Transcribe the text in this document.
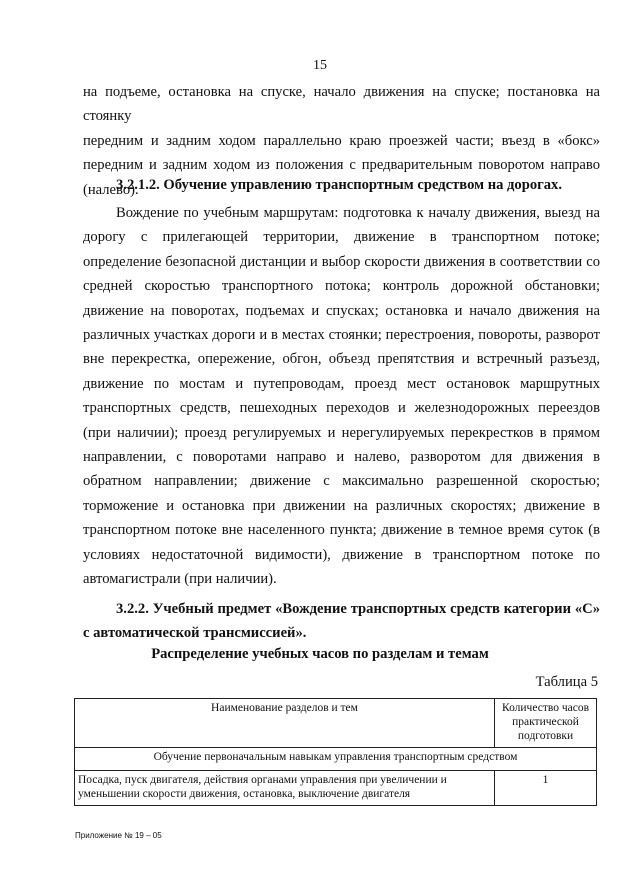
15

на подъеме, остановка на спуске, начало движения на спуске; постановка на стоянку
передним и задним ходом параллельно краю проезжей части; въезд в «бокс»
передним и задним ходом из положения с предварительным поворотом направо
(налево).

3.2.1.2. Обучение управлению транспортным средством на дорогах.

Вождение по учебным маршрутам: подготовка к началу движения, выезд на дорогу с прилегающей территории, движение в транспортном потоке; определение безопасной дистанции и выбор скорости движения в соответствии со средней скоростью транспортного потока; контроль дорожной обстановки; движение на поворотах, подъемах и спусках; остановка и начало движения на различных участках дороги и в местах стоянки; перестроения, повороты, разворот вне перекрестка, опережение, обгон, объезд препятствия и встречный разъезд, движение по мостам и путепроводам, проезд мест остановок маршрутных транспортных средств, пешеходных переходов и железнодорожных переездов (при наличии); проезд регулируемых и нерегулируемых перекрестков в прямом направлении, с поворотами направо и налево, разворотом для движения в обратном направлении; движение с максимально разрешенной скоростью; торможение и остановка при движении на различных скоростях; движение в транспортном потоке вне населенного пункта; движение в темное время суток (в условиях недостаточной видимости), движение в транспортном потоке по автомагистрали (при наличии).

3.2.2. Учебный предмет «Вождение транспортных средств категории «C» с автоматической трансмиссией».

Распределение учебных часов по разделам и темам
Таблица 5
Наименование разделов и тем	Количество часов практической подготовки
Обучение первоначальным навыкам управления транспортным средством	
Посадка, пуск двигателя, действия органами управления при увеличении и уменьшении скорости движения, остановка, выключение двигателя	1
Приложение № 19 – 05
